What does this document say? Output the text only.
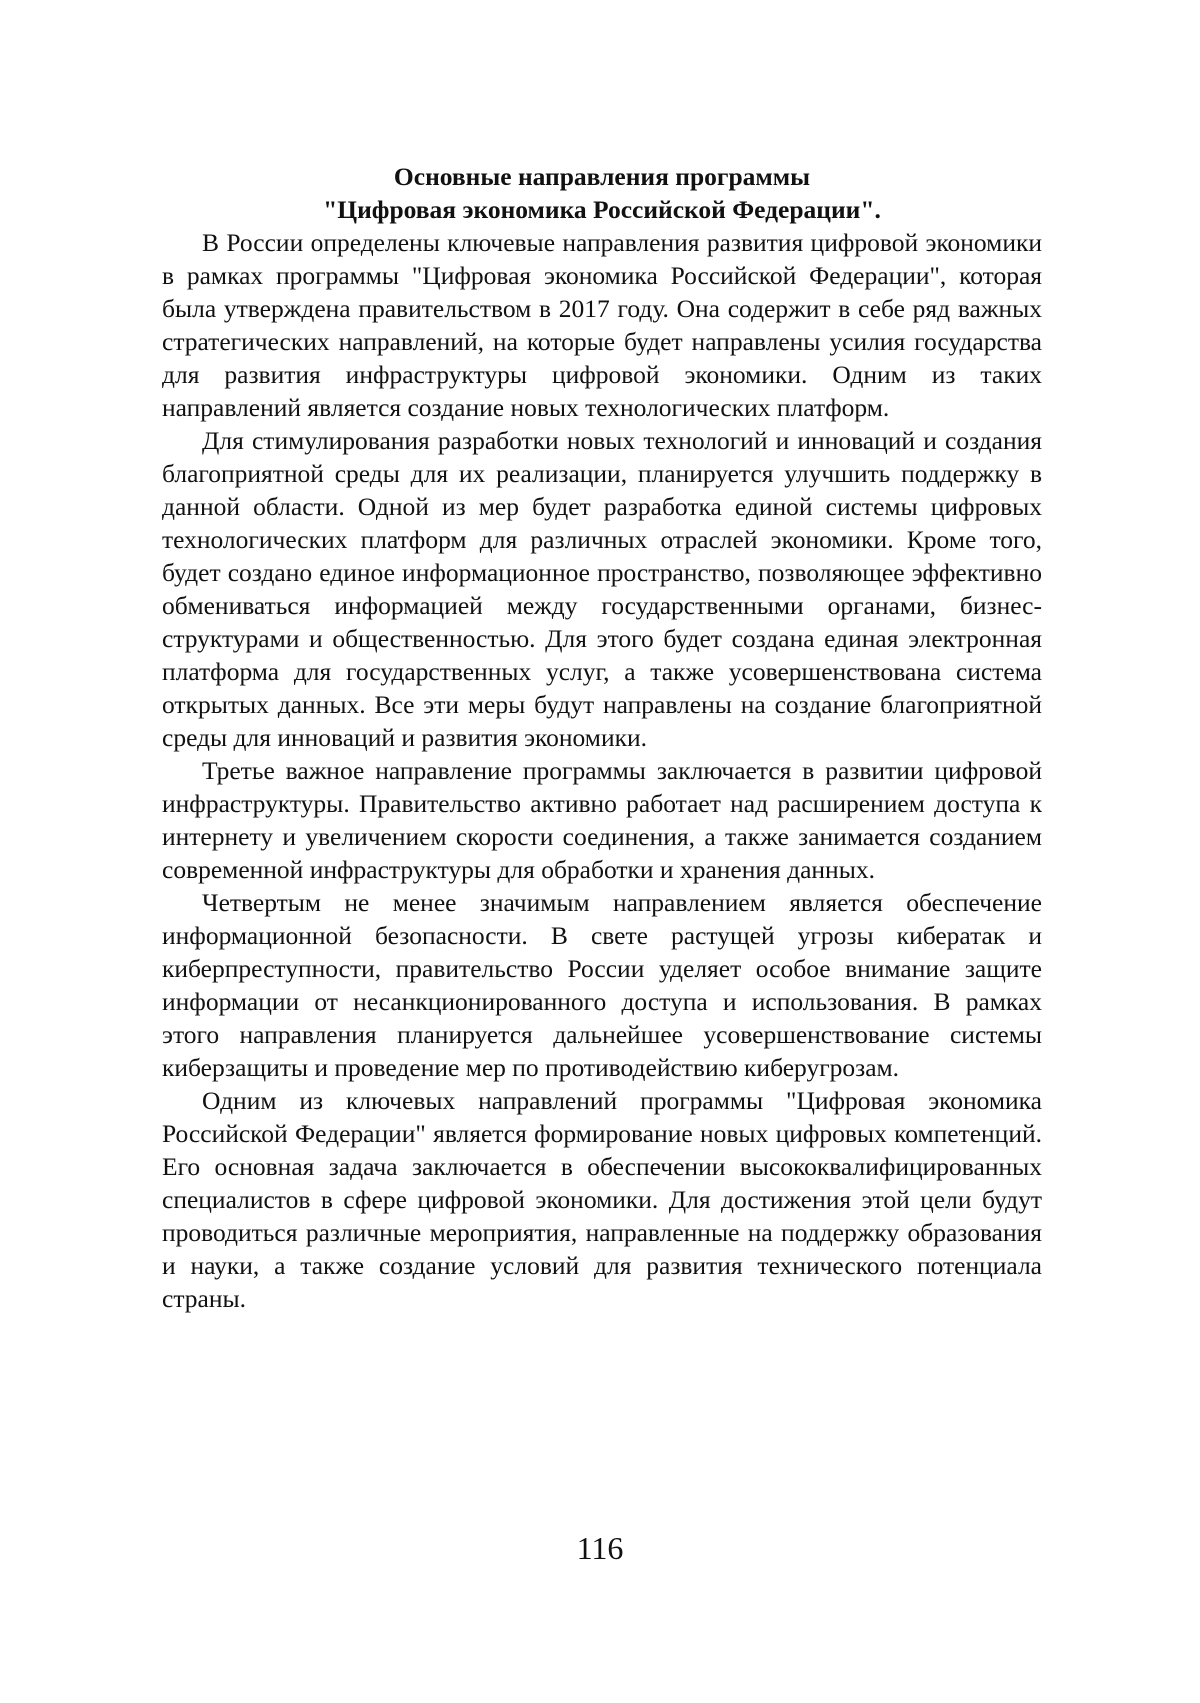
Основные направления программы
"Цифровая экономика Российской Федерации".

В России определены ключевые направления развития цифровой экономики в рамках программы "Цифровая экономика Российской Федерации", которая была утверждена правительством в 2017 году. Она содержит в себе ряд важных стратегических направлений, на которые будет направлены усилия государства для развития инфраструктуры цифровой экономики. Одним из таких направлений является создание новых технологических платформ.

Для стимулирования разработки новых технологий и инноваций и создания благоприятной среды для их реализации, планируется улучшить поддержку в данной области. Одной из мер будет разработка единой системы цифровых технологических платформ для различных отраслей экономики. Кроме того, будет создано единое информационное пространство, позволяющее эффективно обмениваться информацией между государственными органами, бизнес-структурами и общественностью. Для этого будет создана единая электронная платформа для государственных услуг, а также усовершенствована система открытых данных. Все эти меры будут направлены на создание благоприятной среды для инноваций и развития экономики.

Третье важное направление программы заключается в развитии цифровой инфраструктуры. Правительство активно работает над расширением доступа к интернету и увеличением скорости соединения, а также занимается созданием современной инфраструктуры для обработки и хранения данных.

Четвертым не менее значимым направлением является обеспечение информационной безопасности. В свете растущей угрозы кибератак и киберпреступности, правительство России уделяет особое внимание защите информации от несанкционированного доступа и использования. В рамках этого направления планируется дальнейшее усовершенствование системы киберзащиты и проведение мер по противодействию киберугрозам.

Одним из ключевых направлений программы "Цифровая экономика Российской Федерации" является формирование новых цифровых компетенций. Его основная задача заключается в обеспечении высококвалифицированных специалистов в сфере цифровой экономики. Для достижения этой цели будут проводиться различные мероприятия, направленные на поддержку образования и науки, а также создание условий для развития технического потенциала страны.

116
